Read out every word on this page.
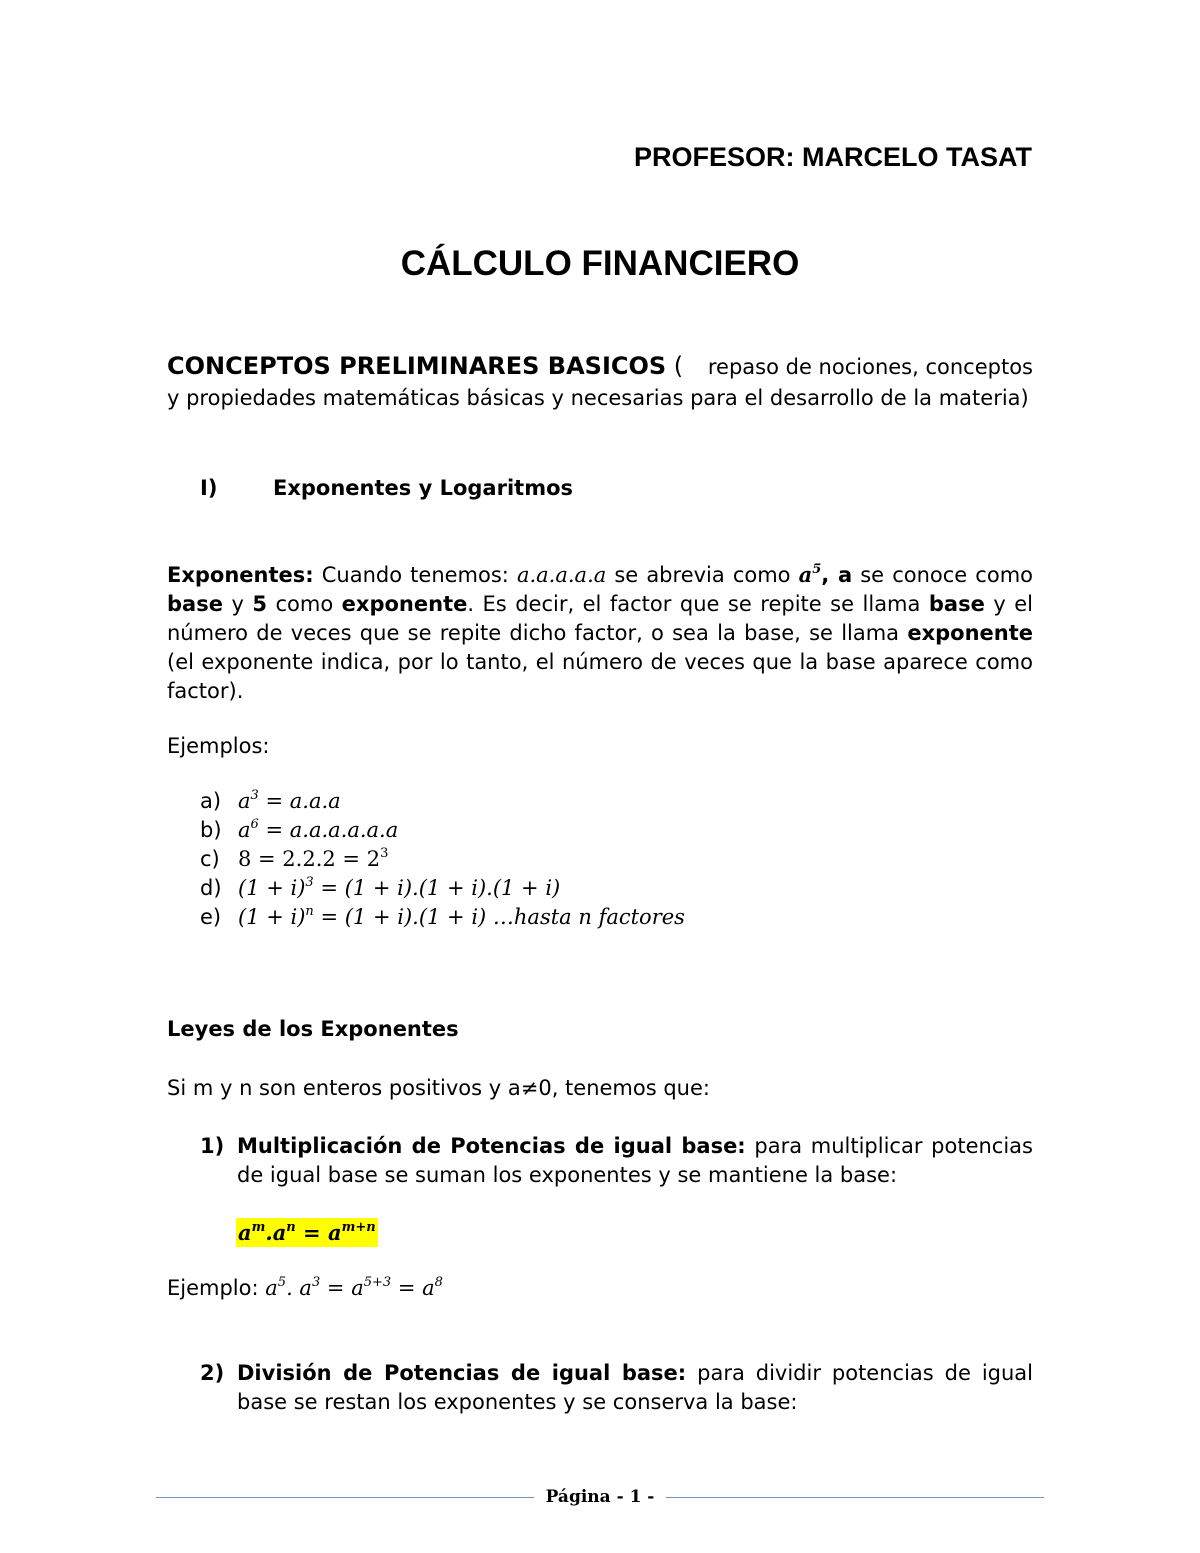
PROFESOR: MARCELO TASAT
CÁLCULO FINANCIERO
CONCEPTOS PRELIMINARES BASICOS ( repaso de nociones, conceptos
y propiedades matemáticas básicas y necesarias para el desarrollo de la materia)
I)	Exponentes y Logaritmos
Exponentes: Cuando tenemos: a.a.a.a.a se abrevia como $a^5$, a se conoce como base y 5 como exponente. Es decir, el factor que se repite se llama base y el número de veces que se repite dicho factor, o sea la base, se llama exponente (el exponente indica, por lo tanto, el número de veces que la base aparece como factor).
Ejemplos:
a) $a^3 = a.a.a$
b) $a^6 = a.a.a.a.a.a$
c) $8 = 2.2.2 = 2^3$
d) $(1 + i)^3 = (1 + i).(1 + i).(1 + i)$
e) $(1 + i)^n = (1 + i).(1 + i)$ …hasta n factores
Leyes de los Exponentes
Si m y n son enteros positivos y a≠0, tenemos que:
1) Multiplicación de Potencias de igual base: para multiplicar potencias de igual base se suman los exponentes y se mantiene la base:
$a^m.a^n = a^{m+n}$
Ejemplo: $a^5$. $a^3 = a^{5+3} = a^8$
2) División de Potencias de igual base: para dividir potencias de igual base se restan los exponentes y se conserva la base:
Página - 1 -
